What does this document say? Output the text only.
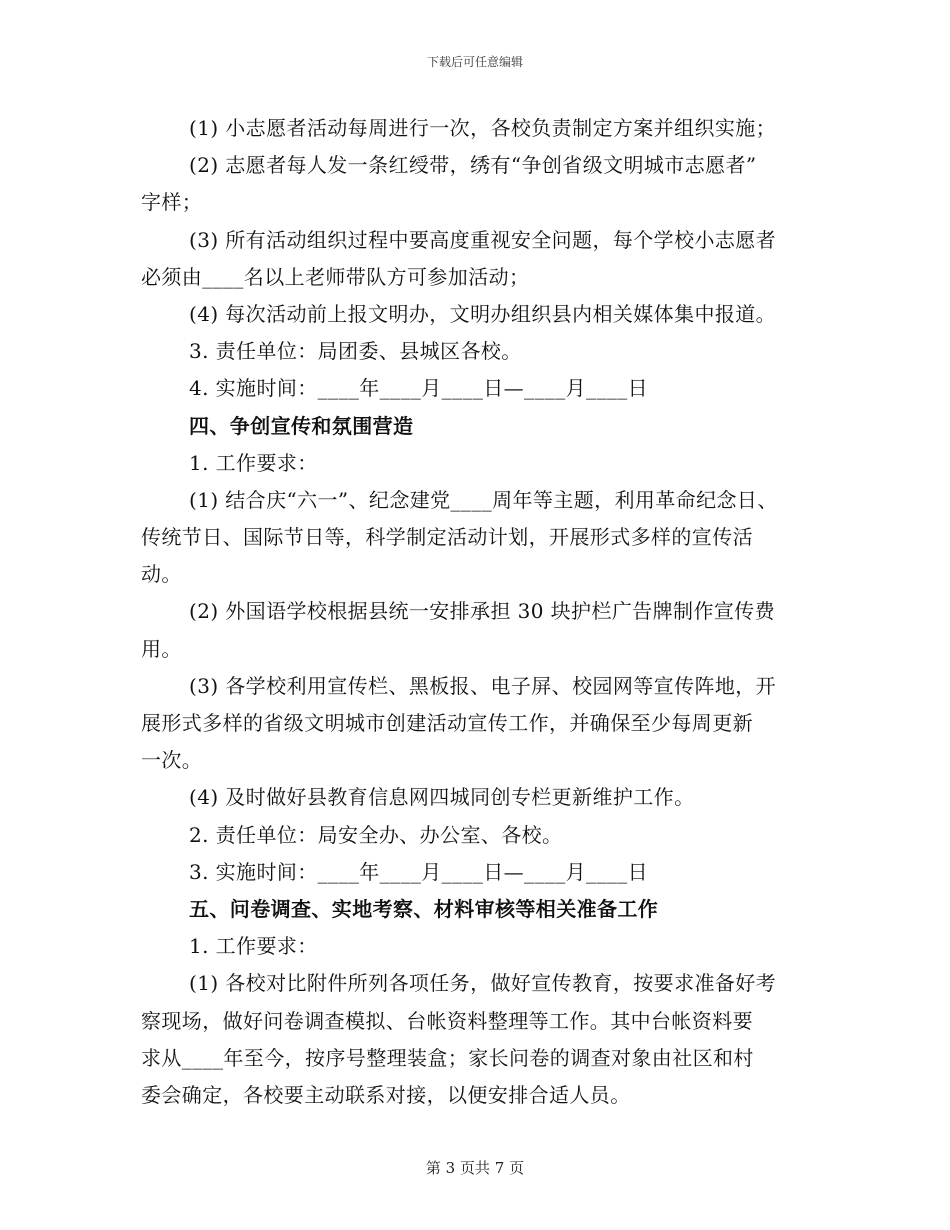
下载后可任意编辑
(1) 小志愿者活动每周进行一次，各校负责制定方案并组织实施；
(2) 志愿者每人发一条红绶带，绣有“争创省级文明城市志愿者”
字样；
(3) 所有活动组织过程中要高度重视安全问题，每个学校小志愿者
必须由____名以上老师带队方可参加活动；
(4) 每次活动前上报文明办，文明办组织县内相关媒体集中报道。
3. 责任单位：局团委、县城区各校。
4. 实施时间：____年____月____日—____月____日
四、争创宣传和氛围营造
1. 工作要求：
(1) 结合庆“六一”、纪念建党____周年等主题，利用革命纪念日、
传统节日、国际节日等，科学制定活动计划，开展形式多样的宣传活
动。
(2) 外国语学校根据县统一安排承担 30 块护栏广告牌制作宣传费
用。
(3) 各学校利用宣传栏、黑板报、电子屏、校园网等宣传阵地，开
展形式多样的省级文明城市创建活动宣传工作，并确保至少每周更新
一次。
(4) 及时做好县教育信息网四城同创专栏更新维护工作。
2. 责任单位：局安全办、办公室、各校。
3. 实施时间：____年____月____日—____月____日
五、问卷调查、实地考察、材料审核等相关准备工作
1. 工作要求：
(1) 各校对比附件所列各项任务，做好宣传教育，按要求准备好考
察现场，做好问卷调查模拟、台帐资料整理等工作。其中台帐资料要
求从____年至今，按序号整理装盒；家长问卷的调查对象由社区和村
委会确定，各校要主动联系对接，以便安排合适人员。
第 3 页共 7 页
